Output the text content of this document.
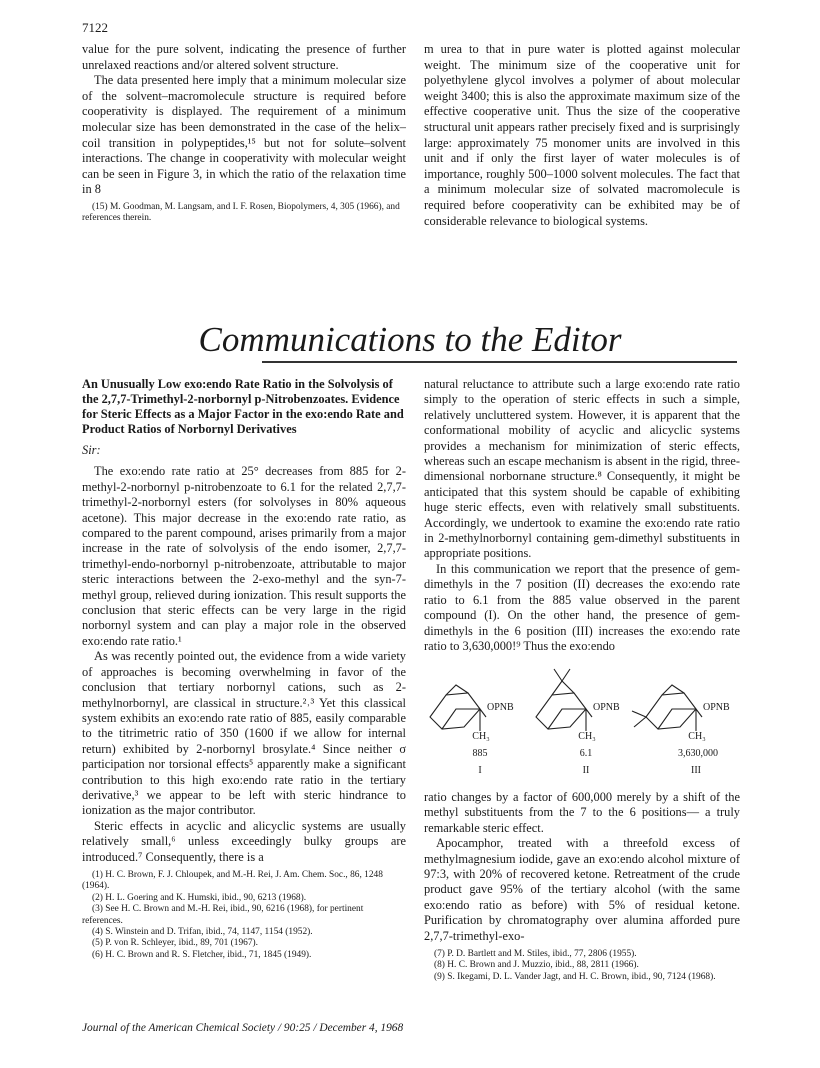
7122

value for the pure solvent, indicating the presence of further unrelaxed reactions and/or altered solvent structure.

The data presented here imply that a minimum molecular size of the solvent–macromolecule structure is required before cooperativity is displayed. The requirement of a minimum molecular size has been demonstrated in the case of the helix–coil transition in polypeptides,¹⁵ but not for solute–solvent interactions. The change in cooperativity with molecular weight can be seen in Figure 3, in which the ratio of the relaxation time in 8

(15) M. Goodman, M. Langsam, and I. F. Rosen, Biopolymers, 4, 305 (1966), and references therein.

m urea to that in pure water is plotted against molecular weight. The minimum size of the cooperative unit for polyethylene glycol involves a polymer of about molecular weight 3400; this is also the approximate maximum size of the effective cooperative unit. Thus the size of the cooperative structural unit appears rather precisely fixed and is surprisingly large: approximately 75 monomer units are involved in this unit and if only the first layer of water molecules is of importance, roughly 500–1000 solvent molecules. The fact that a minimum molecular size of solvated macromolecule is required before cooperativity can be exhibited may be of considerable relevance to biological systems.

Communications to the Editor
An Unusually Low exo:endo Rate Ratio in the Solvolysis of the 2,7,7-Trimethyl-2-norbornyl p-Nitrobenzoates. Evidence for Steric Effects as a Major Factor in the exo:endo Rate and Product Ratios of Norbornyl Derivatives
Sir:

The exo:endo rate ratio at 25° decreases from 885 for 2-methyl-2-norbornyl p-nitrobenzoate to 6.1 for the related 2,7,7-trimethyl-2-norbornyl esters (for solvolyses in 80% aqueous acetone). This major decrease in the exo:endo rate ratio, as compared to the parent compound, arises primarily from a major increase in the rate of solvolysis of the endo isomer, 2,7,7-trimethyl-endo-norbornyl p-nitrobenzoate, attributable to major steric interactions between the 2-exo-methyl and the syn-7-methyl group, relieved during ionization. This result supports the conclusion that steric effects can be very large in the rigid norbornyl system and can play a major role in the observed exo:endo rate ratio.¹

As was recently pointed out, the evidence from a wide variety of approaches is becoming overwhelming in favor of the conclusion that tertiary norbornyl cations, such as 2-methylnorbornyl, are classical in structure.²˒³ Yet this classical system exhibits an exo:endo rate ratio of 885, easily comparable to the titrimetric ratio of 350 (1600 if we allow for internal return) exhibited by 2-norbornyl brosylate.⁴ Since neither σ participation nor torsional effects⁵ apparently make a significant contribution to this high exo:endo rate ratio in the tertiary derivative,³ we appear to be left with steric hindrance to ionization as the major contributor.

Steric effects in acyclic and alicyclic systems are usually relatively small,⁶ unless exceedingly bulky groups are introduced.⁷ Consequently, there is a

(1) H. C. Brown, F. J. Chloupek, and M.-H. Rei, J. Am. Chem. Soc., 86, 1248 (1964).
(2) H. L. Goering and K. Humski, ibid., 90, 6213 (1968).
(3) See H. C. Brown and M.-H. Rei, ibid., 90, 6216 (1968), for pertinent references.
(4) S. Winstein and D. Trifan, ibid., 74, 1147, 1154 (1952).
(5) P. von R. Schleyer, ibid., 89, 701 (1967).
(6) H. C. Brown and R. S. Fletcher, ibid., 71, 1845 (1949).

natural reluctance to attribute such a large exo:endo rate ratio simply to the operation of steric effects in such a simple, relatively uncluttered system. However, it is apparent that the conformational mobility of acyclic and alicyclic systems provides a mechanism for minimization of steric effects, whereas such an escape mechanism is absent in the rigid, three-dimensional norbornane structure.⁸ Consequently, it might be anticipated that this system should be capable of exhibiting huge steric effects, even with relatively small substituents. Accordingly, we undertook to examine the exo:endo rate ratio in 2-methylnorbornyl containing gem-dimethyl substituents in appropriate positions.

In this communication we report that the presence of gem-dimethyls in the 7 position (II) decreases the exo:endo rate ratio to 6.1 from the 885 value observed in the parent compound (I). On the other hand, the presence of gem-dimethyls in the 6 position (III) increases the exo:endo rate ratio to 3,630,000!⁹ Thus the exo:endo

OPNB	OPNB	OPNB
CH₃
885
I
CH₃
6.1
II
CH₃
3,630,000
III

ratio changes by a factor of 600,000 merely by a shift of the methyl substituents from the 7 to the 6 positions— a truly remarkable steric effect.

Apocamphor, treated with a threefold excess of methylmagnesium iodide, gave an exo:endo alcohol mixture of 97:3, with 20% of recovered ketone. Retreatment of the crude product gave 95% of the tertiary alcohol (with the same exo:endo ratio as before) with 5% of residual ketone. Purification by chromatography over alumina afforded pure 2,7,7-trimethyl-exo-

(7) P. D. Bartlett and M. Stiles, ibid., 77, 2806 (1955).
(8) H. C. Brown and J. Muzzio, ibid., 88, 2811 (1966).
(9) S. Ikegami, D. L. Vander Jagt, and H. C. Brown, ibid., 90, 7124 (1968).
Journal of the American Chemical Society / 90:25 / December 4, 1968
